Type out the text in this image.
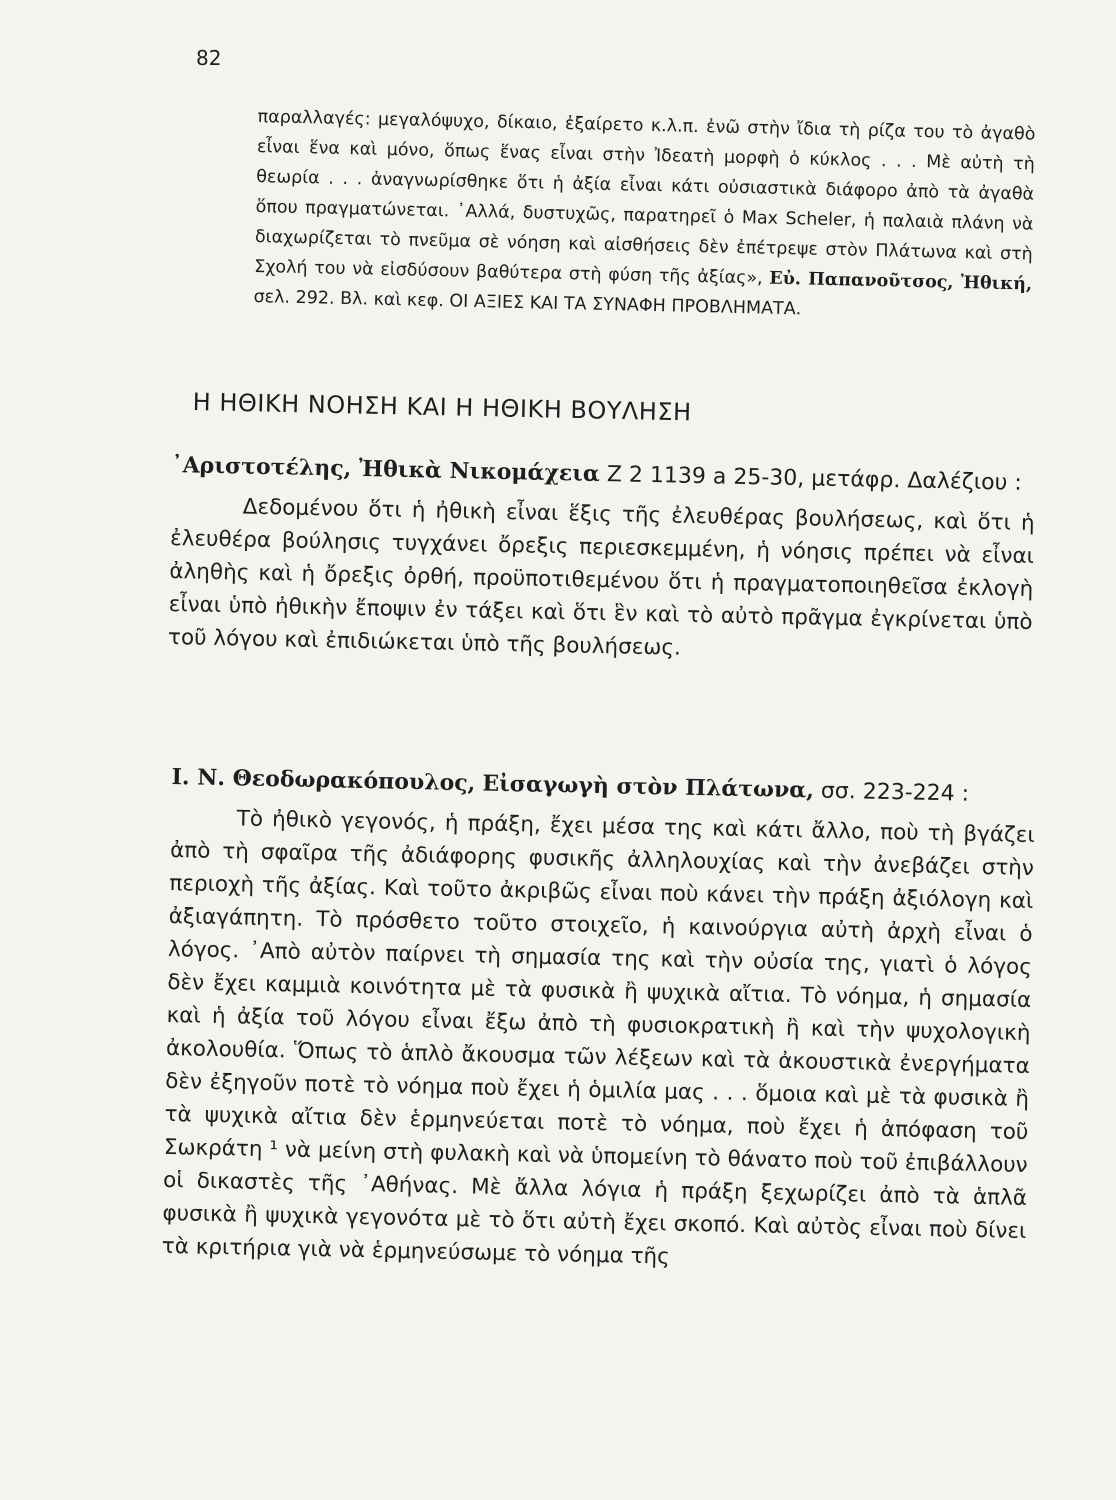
82

παραλλαγές: μεγαλόψυχο, δίκαιο, ἐξαίρετο κ.λ.π. ἐνῶ στὴν ἴδια τὴ ρίζα του τὸ ἀγαθὸ εἶναι ἕνα καὶ μόνο, ὅπως ἕνας εἶναι στὴν Ἰδεατὴ μορφὴ ὁ κύκλος . . . Μὲ αὐτὴ τὴ θεωρία . . . ἀναγνωρίσθηκε ὅτι ἡ ἀξία εἶναι κάτι οὐσιαστικὰ διάφορο ἀπὸ τὰ ἀγαθὰ ὅπου πραγματώνεται. ᾿Αλλά, δυστυχῶς, παρατηρεῖ ὁ Max Scheler, ἡ παλαιὰ πλάνη νὰ διαχωρίζεται τὸ πνεῦμα σὲ νόηση καὶ αἰσθήσεις δὲν ἐπέτρεψε στὸν Πλάτωνα καὶ στὴ Σχολή του νὰ εἰσδύσουν βαθύτερα στὴ φύση τῆς ἀξίας», Εὐ. Παπανοῦτσος, Ἠθική, σελ. 292. Βλ. καὶ κεφ. ΟΙ ΑΞΙΕΣ ΚΑΙ ΤΑ ΣΥΝΑΦΗ ΠΡΟΒΛΗΜΑΤΑ.

Η ΗΘΙΚΗ ΝΟΗΣΗ ΚΑΙ Η ΗΘΙΚΗ ΒΟΥΛΗΣΗ

᾿Αριστοτέλης, Ἠθικὰ Νικομάχεια Ζ 2 1139 a 25-30, μετάφρ. Δαλέζιου :

Δεδομένου ὅτι ἡ ἠθικὴ εἶναι ἕξις τῆς ἐλευθέρας βουλήσεως, καὶ ὅτι ἡ ἐλευθέρα βούλησις τυγχάνει ὄρεξις περιεσκεμμένη, ἡ νόησις πρέπει νὰ εἶναι ἀληθὴς καὶ ἡ ὄρεξις ὀρθή, προϋποτιθεμένου ὅτι ἡ πραγματοποιηθεῖσα ἐκλογὴ εἶναι ὑπὸ ἠθικὴν ἔποψιν ἐν τάξει καὶ ὅτι ἓν καὶ τὸ αὐτὸ πρᾶγμα ἐγκρίνεται ὑπὸ τοῦ λόγου καὶ ἐπιδιώκεται ὑπὸ τῆς βουλήσεως.

Ι. Ν. Θεοδωρακόπουλος, Εἰσαγωγὴ στὸν Πλάτωνα, σσ. 223-224 :

Τὸ ἠθικὸ γεγονός, ἡ πράξη, ἔχει μέσα της καὶ κάτι ἄλλο, ποὺ τὴ βγάζει ἀπὸ τὴ σφαῖρα τῆς ἀδιάφορης φυσικῆς ἀλληλουχίας καὶ τὴν ἀνεβάζει στὴν περιοχὴ τῆς ἀξίας. Καὶ τοῦτο ἀκριβῶς εἶναι ποὺ κάνει τὴν πράξη ἀξιόλογη καὶ ἀξιαγάπητη. Τὸ πρόσθετο τοῦτο στοιχεῖο, ἡ καινούργια αὐτὴ ἀρχὴ εἶναι ὁ λόγος. ᾿Απὸ αὐτὸν παίρνει τὴ σημασία της καὶ τὴν οὐσία της, γιατὶ ὁ λόγος δὲν ἔχει καμμιὰ κοινότητα μὲ τὰ φυσικὰ ἢ ψυχικὰ αἴτια. Τὸ νόημα, ἡ σημασία καὶ ἡ ἀξία τοῦ λόγου εἶναι ἔξω ἀπὸ τὴ φυσιοκρατικὴ ἢ καὶ τὴν ψυχολογικὴ ἀκολουθία. Ὅπως τὸ ἁπλὸ ἄκουσμα τῶν λέξεων καὶ τὰ ἀκουστικὰ ἐνεργήματα δὲν ἐξηγοῦν ποτὲ τὸ νόημα ποὺ ἔχει ἡ ὁμιλία μας . . . ὅμοια καὶ μὲ τὰ φυσικὰ ἢ τὰ ψυχικὰ αἴτια δὲν ἑρμηνεύεται ποτὲ τὸ νόημα, ποὺ ἔχει ἡ ἀπόφαση τοῦ Σωκράτη ¹ νὰ μείνη στὴ φυλακὴ καὶ νὰ ὑπομείνη τὸ θάνατο ποὺ τοῦ ἐπιβάλλουν οἱ δικαστὲς τῆς ᾿Αθήνας. Μὲ ἄλλα λόγια ἡ πράξη ξεχωρίζει ἀπὸ τὰ ἁπλᾶ φυσικὰ ἢ ψυχικὰ γεγονότα μὲ τὸ ὅτι αὐτὴ ἔχει σκοπό. Καὶ αὐτὸς εἶναι ποὺ δίνει τὰ κριτήρια γιὰ νὰ ἑρμηνεύσωμε τὸ νόημα τῆς
